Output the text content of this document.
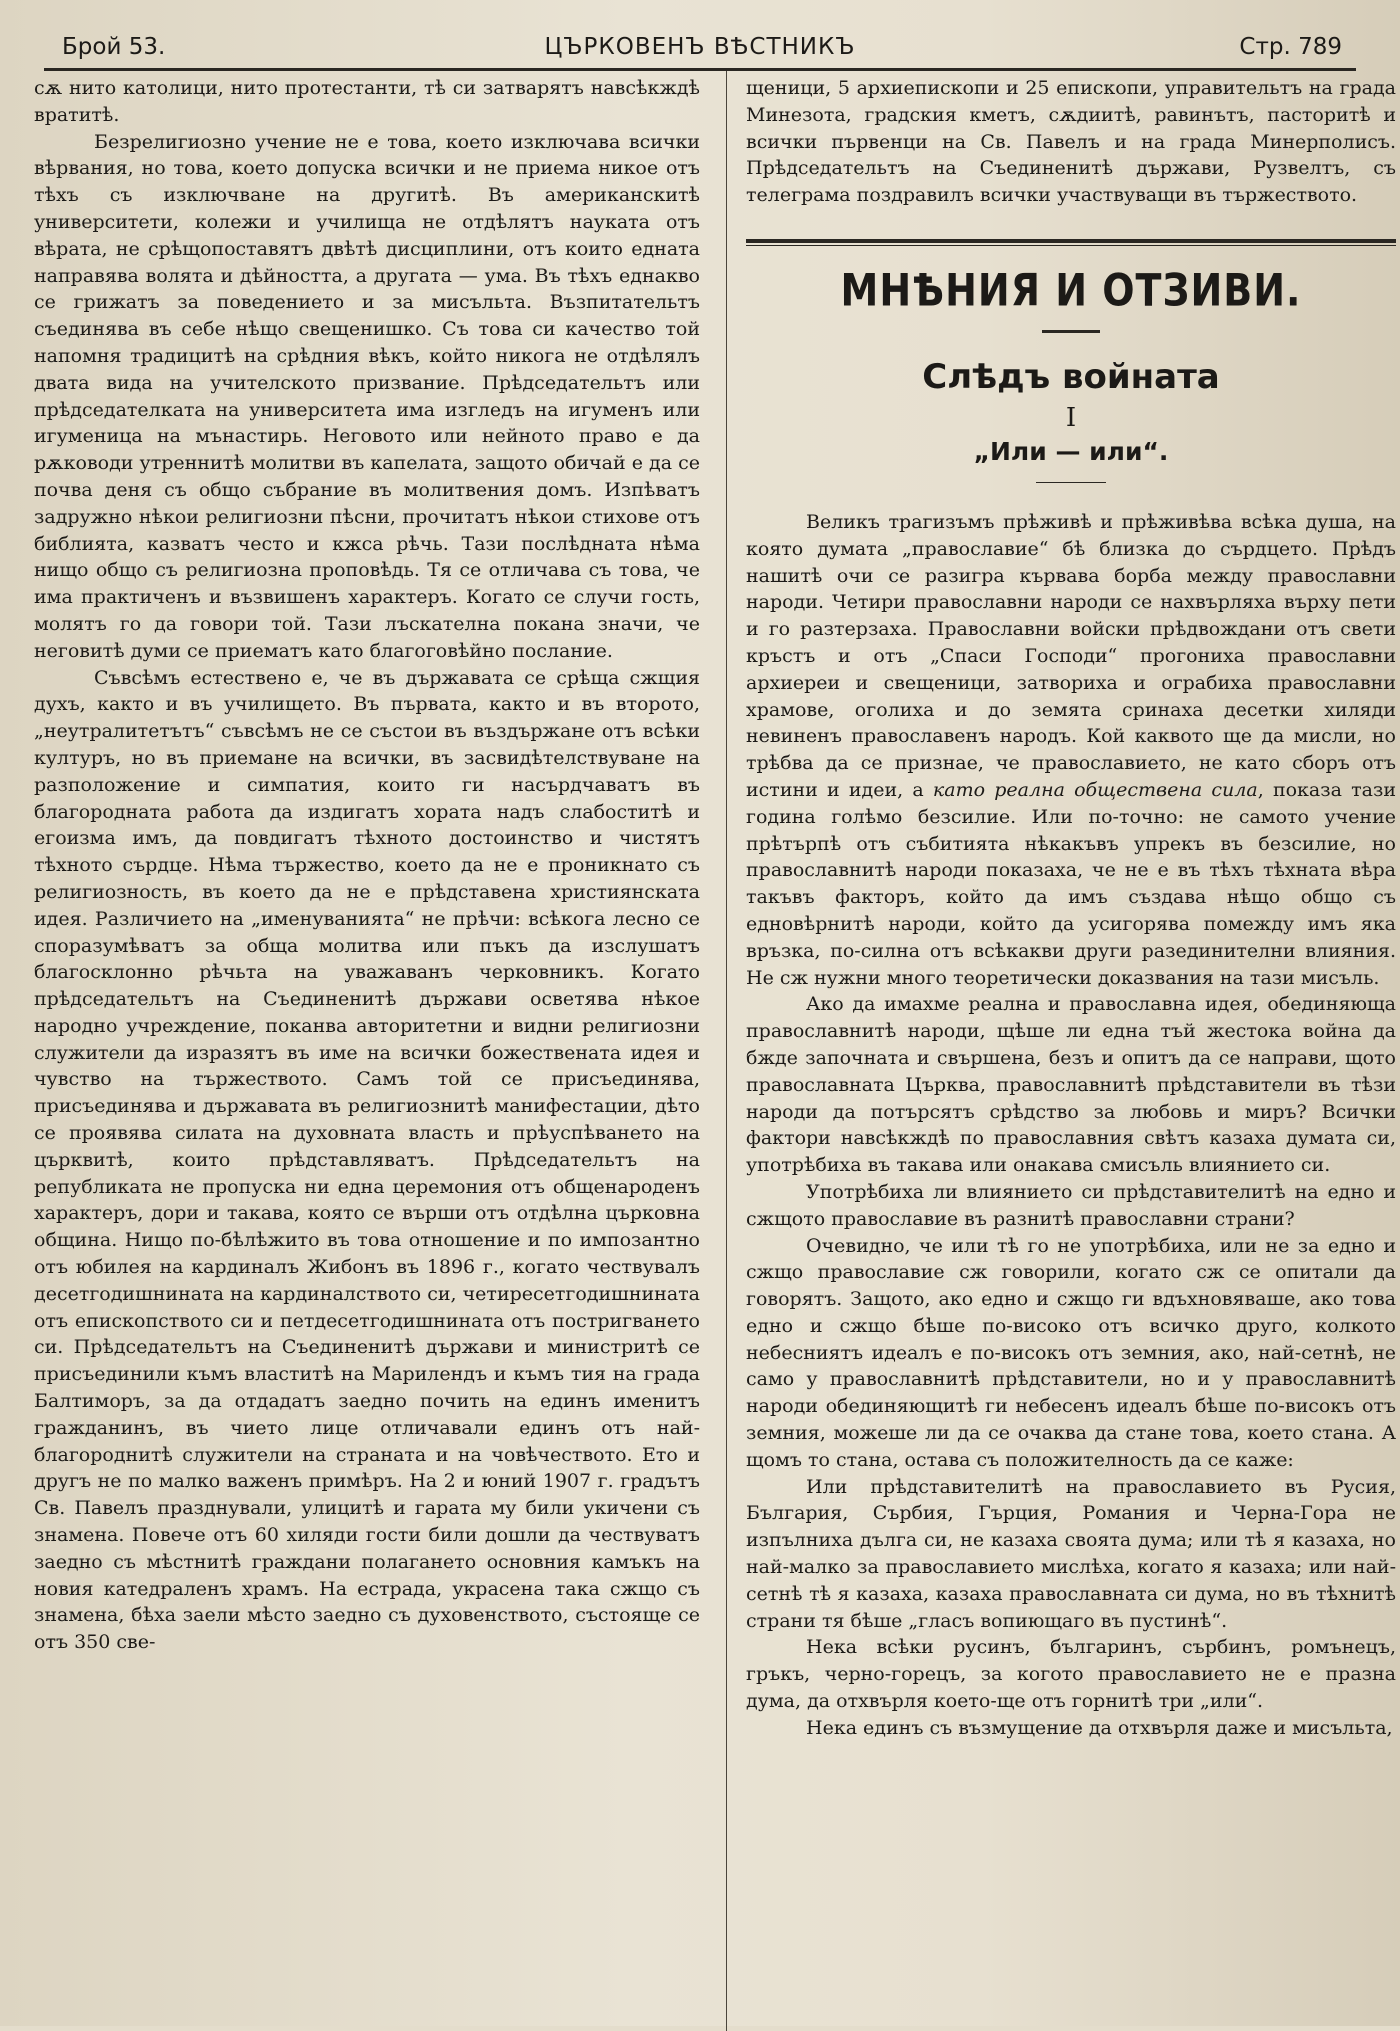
Брой 53.	ЦЪРКОВЕНЪ ВѢСТНИКЪ	Стр. 789

сѫ нито католици, нито протестанти, тѣ си затварятъ навсѣкждѣ вратитѣ.

Безрелигиозно учение не е това, което изключава всички вѣрвания, но това, което допуска всички и не приема никое отъ тѣхъ съ изключване на другитѣ. Въ американскитѣ университети, колежи и училища не отдѣлятъ науката отъ вѣрата, не срѣщопоставятъ двѣтѣ дисциплини, отъ които едната направява волята и дѣйността, а другата — ума. Въ тѣхъ еднакво се грижатъ за поведението и за мисъльта. Възпитательтъ съединява въ себе нѣщо свещенишко. Съ това си качество той напомня традицитѣ на срѣдния вѣкъ, който никога не отдѣлялъ двата вида на учителското призвание. Прѣдседательтъ или прѣдседателката на университета има изгледъ на игуменъ или игуменица на мънастирь. Неговото или нейното право е да рѫководи утреннитѣ молитви въ капелата, защото обичай е да се почва деня съ общо събрание въ молитвения домъ. Изпѣватъ задружно нѣкои религиозни пѣсни, прочитатъ нѣкои стихове отъ библията, казватъ често и кжса рѣчь. Тази послѣдната нѣма нищо общо съ религиозна проповѣдь. Тя се отличава съ това, че има практиченъ и възвишенъ характеръ. Когато се случи гость, молятъ го да говори той. Тази лъскателна покана значи, че неговитѣ думи се приематъ като благоговѣйно послание.

Съвсѣмъ естествено е, че въ държавата се срѣща сжщия духъ, както и въ училището. Въ първата, както и въ второто, „неутралитетътъ“ съвсѣмъ не се състои въ въздържане отъ всѣки културъ, но въ приемане на всички, въ засвидѣтелствуване на разположение и симпатия, които ги насърдчаватъ въ благородната работа да издигатъ хората надъ слабоститѣ и егоизма имъ, да повдигатъ тѣхното достоинство и чистятъ тѣхното сърдце. Нѣма тържество, което да не е проникнато съ религиозность, въ което да не е прѣдставена християнската идея. Различието на „именуванията“ не прѣчи: всѣкога лесно се споразумѣватъ за обща молитва или пъкъ да изслушатъ благосклонно рѣчьта на уважаванъ черковникъ. Когато прѣдседательтъ на Съединенитѣ държави осветява нѣкое народно учреждение, поканва авторитетни и видни религиозни служители да изразятъ въ име на всички божествената идея и чувство на тържеството. Самъ той се присъединява, присъединява и държавата въ религиознитѣ манифестации, дѣто се проявява силата на духовната власть и прѣуспѣването на църквитѣ, които прѣдставляватъ. Прѣдседательтъ на републиката не пропуска ни една церемония отъ общенароденъ характеръ, дори и такава, която се върши отъ отдѣлна църковна община. Нищо по-бѣлѣжито въ това отношение и по импозантно отъ юбилея на кардиналъ Жибонъ въ 1896 г., когато чествувалъ десетгодишнината на кардиналството си, четиресетгодишнината отъ епископството си и петдесетгодишнината отъ постригването си. Прѣдседательтъ на Съединенитѣ държави и министритѣ се присъединили къмъ властитѣ на Марилендъ и къмъ тия на града Балтиморъ, за да отдадатъ заедно почить на единъ именитъ гражданинъ, въ чието лице отличавали единъ отъ най-благороднитѣ служители на страната и на човѣчеството. Ето и другъ не по малко важенъ примѣръ. На 2 и юний 1907 г. градътъ Св. Павелъ празднували, улицитѣ и гарата му били укичени съ знамена. Повече отъ 60 хиляди гости били дошли да чествуватъ заедно съ мѣстнитѣ граждани полагането основния камъкъ на новия катедраленъ храмъ. На естрада, украсена така сжщо съ знамена, бѣха заели мѣсто заедно съ духовенството, състояще се отъ 350 све-

щеници, 5 архиепископи и 25 епископи, управительтъ на града Минезота, градския кметъ, сѫдиитѣ, равинътъ, пасторитѣ и всички първенци на Св. Павелъ и на града Минерполисъ. Прѣдседательтъ на Съединенитѣ държави, Рузвелтъ, съ телеграма поздравилъ всички участвуващи въ тържеството.

МНѢНИЯ И ОТЗИВИ.
Слѣдъ войната
I
„Или — или“.

Великъ трагизъмъ прѣживѣ и прѣживѣва всѣка душа, на която думата „православие“ бѣ близка до сърдцето. Прѣдъ нашитѣ очи се разигра кървава борба между православни народи. Четири православни народи се нахвърляха върху пети и го разтерзаха. Православни войски прѣдвождани отъ свети кръстъ и отъ „Спаси Господи“ прогониха православни архиереи и свещеници, затвориха и ограбиха православни храмове, оголиха и до земята сринаха десетки хиляди невиненъ православенъ народъ. Кой каквото ще да мисли, но трѣбва да се признае, че православието, не като сборъ отъ истини и идеи, а като реална обществена сила, показа тази година голѣмо безсилие. Или по-точно: не самото учение прѣтърпѣ отъ събитията нѣкакъвъ упрекъ въ безсилие, но православнитѣ народи показаха, че не е въ тѣхъ тѣхната вѣра такъвъ факторъ, който да имъ създава нѣщо общо съ едновѣрнитѣ народи, който да усигорява помежду имъ яка връзка, по-силна отъ всѣкакви други разединителни влияния. Не сж нужни много теоретически доказвания на тази мисъль.

Ако да имахме реална и православна идея, обединяюща православнитѣ народи, щѣше ли една тъй жестока война да бжде започната и свършена, безъ и опитъ да се направи, щото православната Църква, православнитѣ прѣдставители въ тѣзи народи да потърсятъ срѣдство за любовь и миръ? Всички фактори навсѣкждѣ по православния свѣтъ казаха думата си, употрѣбиха въ такава или онакава смисъль влиянието си.

Употрѣбиха ли влиянието си прѣдставителитѣ на едно и сжщото православие въ разнитѣ православни страни?

Очевидно, че или тѣ го не употрѣбиха, или не за едно и сжщо православие сж говорили, когато сж се опитали да говорятъ. Защото, ако едно и сжщо ги вдъхновяваше, ако това едно и сжщо бѣше по-високо отъ всичко друго, колкото небесниятъ идеалъ е по-високъ отъ земния, ако, най-сетнѣ, не само у православнитѣ прѣдставители, но и у православнитѣ народи обединяющитѣ ги небесенъ идеалъ бѣше по-високъ отъ земния, можеше ли да се очаква да стане това, което стана. А щомъ то стана, остава съ положителность да се каже:

Или прѣдставителитѣ на православието въ Русия, България, Сърбия, Гърция, Романия и Черна-Гора не изпълниха дълга си, не казаха своята дума; или тѣ я казаха, но най-малко за православието мислѣха, когато я казаха; или най-сетнѣ тѣ я казаха, казаха православната си дума, но въ тѣхнитѣ страни тя бѣше „гласъ вопиющаго въ пустинѣ“.

Нека всѣки русинъ, българинъ, сърбинъ, ромънецъ, гръкъ, черно-горецъ, за когото православието не е празна дума, да отхвърля което-ще отъ горнитѣ три „или“.

Нека единъ съ възмущение да отхвърля даже и мисъльта,
